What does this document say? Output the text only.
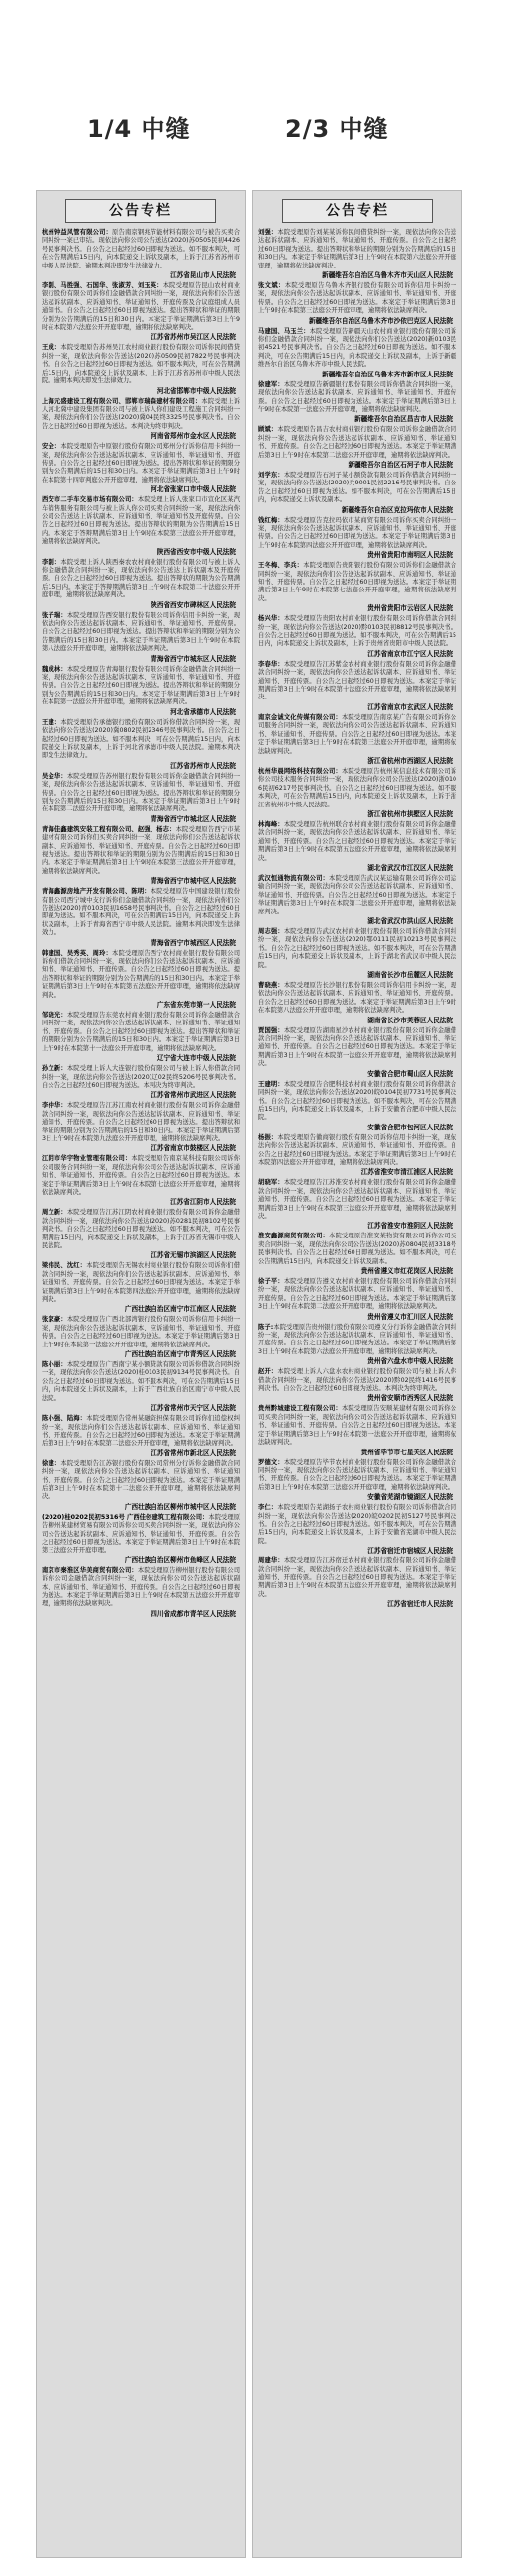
1/4 中缝	2/3 中缝
公告专栏

杭州钟益风管有限公司：原告南京钢兆节能材料有限公司与被告买卖合同纠纷一案已审结。现依法向你公司公告送达(2020)苏0505民初4426号民事判决书。自公告之日起经过60日即视为送达。如不服本判决，可在公告期满后15日内，向本院递交上诉状及副本，上诉于江苏省苏州市中级人民法院。逾期本判决即发生法律效力。

江苏省昆山市人民法院

李刚、马胜强、石国华、张淑芳、刘玉英：本院受理原告昆山农村商业银行股份有限公司诉你们金融借款合同纠纷一案，现依法向你们公告送达起诉状副本、应诉通知书、举证通知书、开庭传票及合议庭组成人员通知书。自公告之日起经过60日即视为送达。提出答辩状和举证的期限分别为公告期满后的15日和30日内。本案定于举证期满后第3日上午9时在本院第六法庭公开开庭审理，逾期将依法缺席判决。

江苏省苏州市吴江区人民法院

王成：本院受理原告苏州吴江农村商业银行股份有限公司诉你民间借贷纠纷一案，现依法向你公告送达(2020)苏0509民初7822号民事判决书。自公告之日起经过60日即视为送达。如不服本判决，可在公告期满后15日内，向本院递交上诉状及副本，上诉于江苏省苏州市中级人民法院。逾期本判决即发生法律效力。

河北省邯郸市中级人民法院

上海元盛建设工程有限公司、邯郸市瑞森建材有限公司：本院受理上诉人河北冀中建设集团有限公司与被上诉人你们建设工程施工合同纠纷一案，现依法向你们公告送达(2020)冀04民终3325号民事判决书。自公告之日起经过60日即视为送达。本判决为终审判决。

河南省郑州市金水区人民法院

安全：本院受理原告中原银行股份有限公司郑州分行诉你信用卡纠纷一案，现依法向你公告送达起诉状副本、应诉通知书、举证通知书、开庭传票。自公告之日起经过60日即视为送达。提出答辩状和举证的期限分别为公告期满后的15日和30日内。本案定于举证期满后第3日上午9时在本院第十四审判庭公开开庭审理，逾期将依法缺席判决。

河北省张家口市中级人民法院

西安市二手车交易市场有限公司：本院受理上诉人张家口市宣化区某汽车销售服务有限公司与被上诉人你公司买卖合同纠纷一案，现依法向你公司公告送达上诉状副本、应诉通知书、举证通知书及开庭传票。自公告之日起经过60日即视为送达。提出答辩状的期限为公告期满后15日内。本案定于答辩期满后第3日上午9时在本院第三法庭公开开庭审理，逾期将依法缺席判决。

陕西省西安市中级人民法院

李刚：本院受理上诉人陕西秦农农村商业银行股份有限公司与被上诉人你金融借款合同纠纷一案，现依法向你公告送达上诉状副本及开庭传票。自公告之日起经过60日即视为送达。提出答辩状的期限为公告期满后15日内。本案定于答辩期满后第3日上午9时在本院第二十法庭公开开庭审理，逾期将依法缺席判决。

陕西省西安市碑林区人民法院

张子瑞：本院受理原告西安银行股份有限公司诉你信用卡纠纷一案，现依法向你公告送达起诉状副本、应诉通知书、举证通知书、开庭传票。自公告之日起经过60日即视为送达。提出答辩状和举证的期限分别为公告期满后的15日和30日内。本案定于举证期满后第3日上午9时在本院第八法庭公开开庭审理，逾期将依法缺席判决。

青海省西宁市城东区人民法院

魏成林：本院受理原告青海银行股份有限公司诉你金融借款合同纠纷一案，现依法向你公告送达起诉状副本、应诉通知书、举证通知书、开庭传票。自公告之日起经过60日即视为送达。提出答辩状和举证的期限分别为公告期满后的15日和30日内。本案定于举证期满后第3日上午9时在本院第一法庭公开开庭审理，逾期将依法缺席判决。

河北省承德市人民法院

王建：本院受理原告承德银行股份有限公司诉你借款合同纠纷一案，现依法向你公告送达(2020)冀0802民初2346号民事判决书。自公告之日起经过60日即视为送达。如不服本判决，可在公告期满后15日内，向本院递交上诉状及副本，上诉于河北省承德市中级人民法院。逾期本判决即发生法律效力。

江苏省苏州市人民法院

吴金华：本院受理原告苏州银行股份有限公司诉你金融借款合同纠纷一案，现依法向你公告送达起诉状副本、应诉通知书、举证通知书、开庭传票。自公告之日起经过60日即视为送达。提出答辩状和举证的期限分别为公告期满后的15日和30日内。本案定于举证期满后第3日上午9时在本院第二法庭公开开庭审理，逾期将依法缺席判决。

青海省西宁市城北区人民法院

青海佳鑫建筑安装工程有限公司、赵强、杨志：本院受理原告西宁市某建材有限公司诉你们买卖合同纠纷一案，现依法向你们公告送达起诉状副本、应诉通知书、举证通知书、开庭传票。自公告之日起经过60日即视为送达。提出答辩状和举证的期限分别为公告期满后的15日和30日内。本案定于举证期满后第3日上午9时在本院第三法庭公开开庭审理，逾期将依法缺席判决。

青海省西宁市城中区人民法院

青海鑫源房地产开发有限公司、陈明：本院受理原告中国建设银行股份有限公司西宁城中支行诉你们金融借款合同纠纷一案，现依法向你们公告送达(2020)青0103民初1658号民事判决书。自公告之日起经过60日即视为送达。如不服本判决，可在公告期满后15日内，向本院递交上诉状及副本，上诉于青海省西宁市中级人民法院。逾期本判决即发生法律效力。

青海省西宁市城西区人民法院

韩建国、吴秀英、周玲：本院受理原告西宁农村商业银行股份有限公司诉你们借款合同纠纷一案，现依法向你们公告送达起诉状副本、应诉通知书、举证通知书、开庭传票。自公告之日起经过60日即视为送达。提出答辩状和举证的期限分别为公告期满后的15日和30日内。本案定于举证期满后第3日上午9时在本院第五法庭公开开庭审理，逾期将依法缺席判决。

广东省东莞市第一人民法院

邹晓光：本院受理原告东莞农村商业银行股份有限公司诉你金融借款合同纠纷一案，现依法向你公告送达起诉状副本、应诉通知书、举证通知书、开庭传票。自公告之日起经过60日即视为送达。提出答辩状和举证的期限分别为公告期满后的15日和30日内。本案定于举证期满后第3日上午9时在本院第十一法庭公开开庭审理，逾期将依法缺席判决。

辽宁省大连市中级人民法院

孙立新：本院受理上诉人大连银行股份有限公司与被上诉人你借款合同纠纷一案，现依法向你公告送达(2020)辽02民终5206号民事判决书。自公告之日起经过60日即视为送达。本判决为终审判决。

江苏省常州市武进区人民法院

李仲华：本院受理原告江苏江南农村商业银行股份有限公司诉你金融借款合同纠纷一案，现依法向你公告送达起诉状副本、应诉通知书、举证通知书、开庭传票。自公告之日起经过60日即视为送达。提出答辩状和举证的期限分别为公告期满后的15日和30日内。本案定于举证期满后第3日上午9时在本院第九法庭公开开庭审理，逾期将依法缺席判决。

江苏省南京市鼓楼区人民法院

江阴市华宇物业管理有限公司：本院受理原告南京某科技有限公司诉你公司服务合同纠纷一案，现依法向你公司公告送达起诉状副本、应诉通知书、举证通知书、开庭传票。自公告之日起经过60日即视为送达。本案定于举证期满后第3日上午9时在本院第七法庭公开开庭审理，逾期将依法缺席判决。

江苏省江阴市人民法院

周立新：本院受理原告江苏江阴农村商业银行股份有限公司诉你金融借款合同纠纷一案，现依法向你公告送达(2020)苏0281民初8102号民事判决书。自公告之日起经过60日即视为送达。如不服本判决，可在公告期满后15日内，向本院递交上诉状及副本，上诉于江苏省无锡市中级人民法院。

江苏省无锡市滨湖区人民法院

梁伟民、沈红：本院受理原告无锡农村商业银行股份有限公司诉你们借款合同纠纷一案，现依法向你们公告送达起诉状副本、应诉通知书、举证通知书、开庭传票。自公告之日起经过60日即视为送达。本案定于举证期满后第3日上午9时在本院第四法庭公开开庭审理，逾期将依法缺席判决。

广西壮族自治区南宁市江南区人民法院

张家豪：本院受理原告广西北部湾银行股份有限公司诉你信用卡纠纷一案，现依法向你公告送达起诉状副本、应诉通知书、举证通知书、开庭传票。自公告之日起经过60日即视为送达。本案定于举证期满后第3日上午9时在本院第一法庭公开开庭审理，逾期将依法缺席判决。

广西壮族自治区南宁市青秀区人民法院

陈小丽：本院受理原告广西南宁某小额贷款有限公司诉你借款合同纠纷一案，现依法向你公告送达(2020)桂0103民初9134号民事判决书。自公告之日起经过60日即视为送达。如不服本判决，可在公告期满后15日内，向本院递交上诉状及副本，上诉于广西壮族自治区南宁市中级人民法院。

江苏省常州市天宁区人民法院

陈小强、陆海：本院受理原告常州某融资担保有限公司诉你们追偿权纠纷一案，现依法向你们公告送达起诉状副本、应诉通知书、举证通知书、开庭传票。自公告之日起经过60日即视为送达。本案定于举证期满后第3日上午9时在本院第二法庭公开开庭审理，逾期将依法缺席判决。

江苏省常州市新北区人民法院

徐建：本院受理原告江苏银行股份有限公司常州分行诉你金融借款合同纠纷一案，现依法向你公告送达起诉状副本、应诉通知书、举证通知书、开庭传票。自公告之日起经过60日即视为送达。本案定于举证期满后第3日上午9时在本院第十二法庭公开开庭审理，逾期将依法缺席判决。

广西壮族自治区柳州市城中区人民法院

(2020)桂0202民初5316号 广西佳创建筑工程有限公司：本院受理原告柳州某建材贸易有限公司诉你公司买卖合同纠纷一案，现依法向你公司公告送达起诉状副本、应诉通知书、举证通知书、开庭传票。自公告之日起经过60日即视为送达。本案定于举证期满后第3日上午9时在本院第三法庭公开开庭审理。

广西壮族自治区柳州市鱼峰区人民法院

南京市秦淮区华美商贸有限公司：本院受理原告柳州银行股份有限公司诉你公司金融借款合同纠纷一案，现依法向你公司公告送达起诉状副本、应诉通知书、举证通知书、开庭传票。自公告之日起经过60日即视为送达。本案定于举证期满后第3日上午9时在本院第五法庭公开开庭审理，逾期将依法缺席判决。

四川省成都市青羊区人民法院
公告专栏

刘强：本院受理原告刘某某诉你民间借贷纠纷一案，现依法向你公告送达起诉状副本、应诉通知书、举证通知书、开庭传票。自公告之日起经过60日即视为送达。提出答辩状和举证的期限分别为公告期满后的15日和30日内。本案定于举证期满后第3日上午9时在本院第六法庭公开开庭审理，逾期将依法缺席判决。

新疆维吾尔自治区乌鲁木齐市天山区人民法院

张文斌：本院受理原告乌鲁木齐银行股份有限公司诉你信用卡纠纷一案，现依法向你公告送达起诉状副本、应诉通知书、举证通知书、开庭传票。自公告之日起经过60日即视为送达。本案定于举证期满后第3日上午9时在本院第三法庭公开开庭审理，逾期将依法缺席判决。

新疆维吾尔自治区乌鲁木齐市沙依巴克区人民法院

马建国、马玉兰：本院受理原告新疆天山农村商业银行股份有限公司诉你们金融借款合同纠纷一案，现依法向你们公告送达(2020)新0103民初4521号民事判决书。自公告之日起经过60日即视为送达。如不服本判决，可在公告期满后15日内，向本院递交上诉状及副本，上诉于新疆维吾尔自治区乌鲁木齐市中级人民法院。

新疆维吾尔自治区乌鲁木齐市新市区人民法院

徐建军：本院受理原告新疆银行股份有限公司诉你借款合同纠纷一案，现依法向你公告送达起诉状副本、应诉通知书、举证通知书、开庭传票。自公告之日起经过60日即视为送达。本案定于举证期满后第3日上午9时在本院第一法庭公开开庭审理，逾期将依法缺席判决。

新疆维吾尔自治区昌吉市人民法院

顾斌：本院受理原告昌吉农村商业银行股份有限公司诉你金融借款合同纠纷一案，现依法向你公告送达起诉状副本、应诉通知书、举证通知书、开庭传票。自公告之日起经过60日即视为送达。本案定于举证期满后第3日上午9时在本院第二法庭公开开庭审理，逾期将依法缺席判决。

新疆维吾尔自治区石河子市人民法院

刘学东：本院受理原告石河子某小额贷款有限公司诉你借款合同纠纷一案，现依法向你公告送达(2020)兵9001民初2216号民事判决书。自公告之日起经过60日即视为送达。如不服本判决，可在公告期满后15日内，向本院递交上诉状及副本。

新疆维吾尔自治区克拉玛依市人民法院

钱红梅：本院受理原告克拉玛依市某商贸有限公司诉你买卖合同纠纷一案，现依法向你公告送达起诉状副本、应诉通知书、举证通知书、开庭传票。自公告之日起经过60日即视为送达。本案定于举证期满后第3日上午9时在本院第四法庭公开开庭审理，逾期将依法缺席判决。

贵州省贵阳市南明区人民法院

王冬梅、李兵：本院受理原告贵阳银行股份有限公司诉你们金融借款合同纠纷一案，现依法向你们公告送达起诉状副本、应诉通知书、举证通知书、开庭传票。自公告之日起经过60日即视为送达。本案定于举证期满后第3日上午9时在本院第七法庭公开开庭审理，逾期将依法缺席判决。

贵州省贵阳市云岩区人民法院

杨兴华：本院受理原告贵阳农村商业银行股份有限公司诉你借款合同纠纷一案，现依法向你公告送达(2020)黔0103民初8812号民事判决书。自公告之日起经过60日即视为送达。如不服本判决，可在公告期满后15日内，向本院递交上诉状及副本，上诉于贵州省贵阳市中级人民法院。

江苏省南京市江宁区人民法院

李春华：本院受理原告江苏紫金农村商业银行股份有限公司诉你金融借款合同纠纷一案，现依法向你公告送达起诉状副本、应诉通知书、举证通知书、开庭传票。自公告之日起经过60日即视为送达。本案定于举证期满后第3日上午9时在本院第十法庭公开开庭审理，逾期将依法缺席判决。

江苏省南京市玄武区人民法院

南京金诚文化传媒有限公司：本院受理原告南京某广告有限公司诉你公司服务合同纠纷一案，现依法向你公司公告送达起诉状副本、应诉通知书、举证通知书、开庭传票。自公告之日起经过60日即视为送达。本案定于举证期满后第3日上午9时在本院第三法庭公开开庭审理，逾期将依法缺席判决。

浙江省杭州市西湖区人民法院

杭州华晨网络科技有限公司：本院受理原告杭州某信息技术有限公司诉你公司技术服务合同纠纷一案，现依法向你公司公告送达(2020)浙0106民初6217号民事判决书。自公告之日起经过60日即视为送达。如不服本判决，可在公告期满后15日内，向本院递交上诉状及副本，上诉于浙江省杭州市中级人民法院。

浙江省杭州市拱墅区人民法院

林海峰：本院受理原告杭州联合农村商业银行股份有限公司诉你金融借款合同纠纷一案，现依法向你公告送达起诉状副本、应诉通知书、举证通知书、开庭传票。自公告之日起经过60日即视为送达。本案定于举证期满后第3日上午9时在本院第五法庭公开开庭审理，逾期将依法缺席判决。

湖北省武汉市江汉区人民法院

武汉恒通物流有限公司：本院受理原告武汉某运输有限公司诉你公司运输合同纠纷一案，现依法向你公司公告送达起诉状副本、应诉通知书、举证通知书、开庭传票。自公告之日起经过60日即视为送达。本案定于举证期满后第3日上午9时在本院第二法庭公开开庭审理，逾期将依法缺席判决。

湖北省武汉市洪山区人民法院

周志强：本院受理原告武汉农村商业银行股份有限公司诉你借款合同纠纷一案，现依法向你公告送达(2020)鄂0111民初10213号民事判决书。自公告之日起经过60日即视为送达。如不服本判决，可在公告期满后15日内，向本院递交上诉状及副本，上诉于湖北省武汉市中级人民法院。

湖南省长沙市岳麓区人民法院

曹晓燕：本院受理原告长沙银行股份有限公司诉你信用卡纠纷一案，现依法向你公告送达起诉状副本、应诉通知书、举证通知书、开庭传票。自公告之日起经过60日即视为送达。本案定于举证期满后第3日上午9时在本院第八法庭公开开庭审理，逾期将依法缺席判决。

湖南省长沙市芙蓉区人民法院

贾国强：本院受理原告湖南星沙农村商业银行股份有限公司诉你金融借款合同纠纷一案，现依法向你公告送达起诉状副本、应诉通知书、举证通知书、开庭传票。自公告之日起经过60日即视为送达。本案定于举证期满后第3日上午9时在本院第一法庭公开开庭审理，逾期将依法缺席判决。

安徽省合肥市蜀山区人民法院

王建明：本院受理原告合肥科技农村商业银行股份有限公司诉你借款合同纠纷一案，现依法向你公告送达(2020)皖0104民初7731号民事判决书。自公告之日起经过60日即视为送达。如不服本判决，可在公告期满后15日内，向本院递交上诉状及副本，上诉于安徽省合肥市中级人民法院。

安徽省合肥市包河区人民法院

杨振：本院受理原告徽商银行股份有限公司诉你信用卡纠纷一案，现依法向你公告送达起诉状副本、应诉通知书、举证通知书、开庭传票。自公告之日起经过60日即视为送达。本案定于举证期满后第3日上午9时在本院第四法庭公开开庭审理，逾期将依法缺席判决。

江苏省淮安市清江浦区人民法院

胡晓军：本院受理原告江苏淮安农村商业银行股份有限公司诉你金融借款合同纠纷一案，现依法向你公告送达起诉状副本、应诉通知书、举证通知书、开庭传票。自公告之日起经过60日即视为送达。本案定于举证期满后第3日上午9时在本院第三法庭公开开庭审理，逾期将依法缺席判决。

江苏省淮安市淮阴区人民法院

淮安鑫源商贸有限公司：本院受理原告淮安某物资有限公司诉你公司买卖合同纠纷一案，现依法向你公司公告送达(2020)苏0804民初3318号民事判决书。自公告之日起经过60日即视为送达。如不服本判决，可在公告期满后15日内，向本院递交上诉状及副本。

贵州省遵义市红花岗区人民法院

徐子平：本院受理原告遵义农村商业银行股份有限公司诉你借款合同纠纷一案，现依法向你公告送达起诉状副本、应诉通知书、举证通知书、开庭传票。自公告之日起经过60日即视为送达。本案定于举证期满后第3日上午9时在本院第二法庭公开开庭审理，逾期将依法缺席判决。

贵州省遵义市汇川区人民法院

陈子:本院受理原告贵州银行股份有限公司遵义分行诉你金融借款合同纠纷一案，现依法向你公告送达起诉状副本、应诉通知书、举证通知书、开庭传票。自公告之日起经过60日即视为送达。本案定于举证期满后第3日上午9时在本院第六法庭公开开庭审理，逾期将依法缺席判决。

贵州省六盘水市中级人民法院

赵开：本院受理上诉人六盘水农村商业银行股份有限公司与被上诉人你借款合同纠纷一案，现依法向你公告送达(2020)黔02民终1416号民事判决书。自公告之日起经过60日即视为送达。本判决为终审判决。

贵州省安顺市西秀区人民法院

贵州黔城建设工程有限公司：本院受理原告安顺某建材有限公司诉你公司买卖合同纠纷一案，现依法向你公司公告送达起诉状副本、应诉通知书、举证通知书、开庭传票。自公告之日起经过60日即视为送达。本案定于举证期满后第3日上午9时在本院第一法庭公开开庭审理，逾期将依法缺席判决。

贵州省毕节市七星关区人民法院

罗德文：本院受理原告毕节农村商业银行股份有限公司诉你金融借款合同纠纷一案，现依法向你公告送达起诉状副本、应诉通知书、举证通知书、开庭传票。自公告之日起经过60日即视为送达。本案定于举证期满后第3日上午9时在本院第三法庭公开开庭审理，逾期将依法缺席判决。

安徽省芜湖市镜湖区人民法院

李仁：本院受理原告芜湖扬子农村商业银行股份有限公司诉你借款合同纠纷一案，现依法向你公告送达(2020)皖0202民初5127号民事判决书。自公告之日起经过60日即视为送达。如不服本判决，可在公告期满后15日内，向本院递交上诉状及副本，上诉于安徽省芜湖市中级人民法院。

江苏省宿迁市宿城区人民法院

周建华：本院受理原告江苏宿迁农村商业银行股份有限公司诉你金融借款合同纠纷一案，现依法向你公告送达起诉状副本、应诉通知书、举证通知书、开庭传票。自公告之日起经过60日即视为送达。本案定于举证期满后第3日上午9时在本院第五法庭公开开庭审理，逾期将依法缺席判决。

江苏省宿迁市人民法院
